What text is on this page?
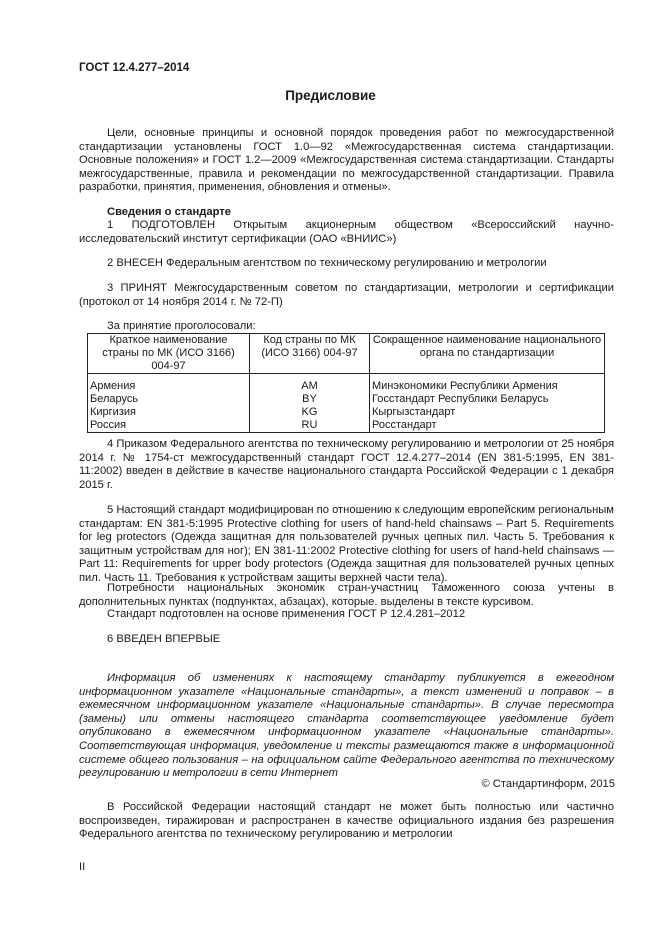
ГОСТ 12.4.277–2014
Предисловие
Цели, основные принципы и основной порядок проведения работ по межгосударственной стандартизации установлены ГОСТ 1.0—92 «Межгосударственная система стандартизации. Основные положения» и ГОСТ 1.2—2009 «Межгосударственная система стандартизации. Стандарты межгосударственные, правила и рекомендации по межгосударственной стандартизации. Правила разработки, принятия, применения, обновления и отмены».
Сведения о стандарте
1 ПОДГОТОВЛЕН Открытым акционерным обществом «Всероссийский научно-исследовательский институт сертификации (ОАО «ВНИИС»)
2 ВНЕСЕН Федеральным агентством по техническому регулированию и метрологии
3 ПРИНЯТ Межгосударственным советом по стандартизации, метрологии и сертификации (протокол от 14 ноября 2014 г. № 72-П)
За принятие проголосовали:
Краткое наименование страны по МК (ИСО 3166) 004-97	Код страны по МК (ИСО 3166) 004-97	Сокращенное наименование национального органа по стандартизации

Армения	AM	Минэкономики Республики Армения
Беларусь	BY	Госстандарт Республики Беларусь
Киргизия	KG	Кыргызстандарт
Россия	RU	Росстандарт
4 Приказом Федерального агентства по техническому регулированию и метрологии от 25 ноября 2014 г. № 1754-ст межгосударственный стандарт ГОСТ 12.4.277–2014 (EN 381-5:1995, EN 381-11:2002) введен в действие в качестве национального стандарта Российской Федерации с 1 декабря 2015 г.
5 Настоящий стандарт модифицирован по отношению к следующим европейским региональным стандартам: EN 381-5:1995 Protective clothing for users of hand-held chainsaws – Part 5. Requirements for leg protectors (Одежда защитная для пользователей ручных цепных пил. Часть 5. Требования к защитным устройствам для ног); EN 381-11:2002 Protective clothing for users of hand-held chainsaws — Part 11: Requirements for upper body protectors (Одежда защитная для пользователей ручных цепных пил. Часть 11. Требования к устройствам защиты верхней части тела).
Потребности национальных экономик стран-участниц Таможенного союза учтены в дополнительных пунктах (подпунктах, абзацах), которые. выделены в тексте курсивом.
Стандарт подготовлен на основе применения ГОСТ Р 12.4.281–2012
6 ВВЕДЕН ВПЕРВЫЕ
Информация об изменениях к настоящему стандарту публикуется в ежегодном информационном указателе «Национальные стандарты», а текст изменений и поправок – в ежемесячном информационном указателе «Национальные стандарты». В случае пересмотра (замены) или отмены настоящего стандарта соответствующее уведомление будет опубликовано в ежемесячном информационном указателе «Национальные стандарты». Соответствующая информация, уведомление и тексты размещаются также в информационной системе общего пользования – на официальном сайте Федерального агентства по техническому регулированию и метрологии в сети Интернет
© Стандартинформ, 2015
В Российской Федерации настоящий стандарт не может быть полностью или частично воспроизведен, тиражирован и распространен в качестве официального издания без разрешения Федерального агентства по техническому регулированию и метрологии
II
